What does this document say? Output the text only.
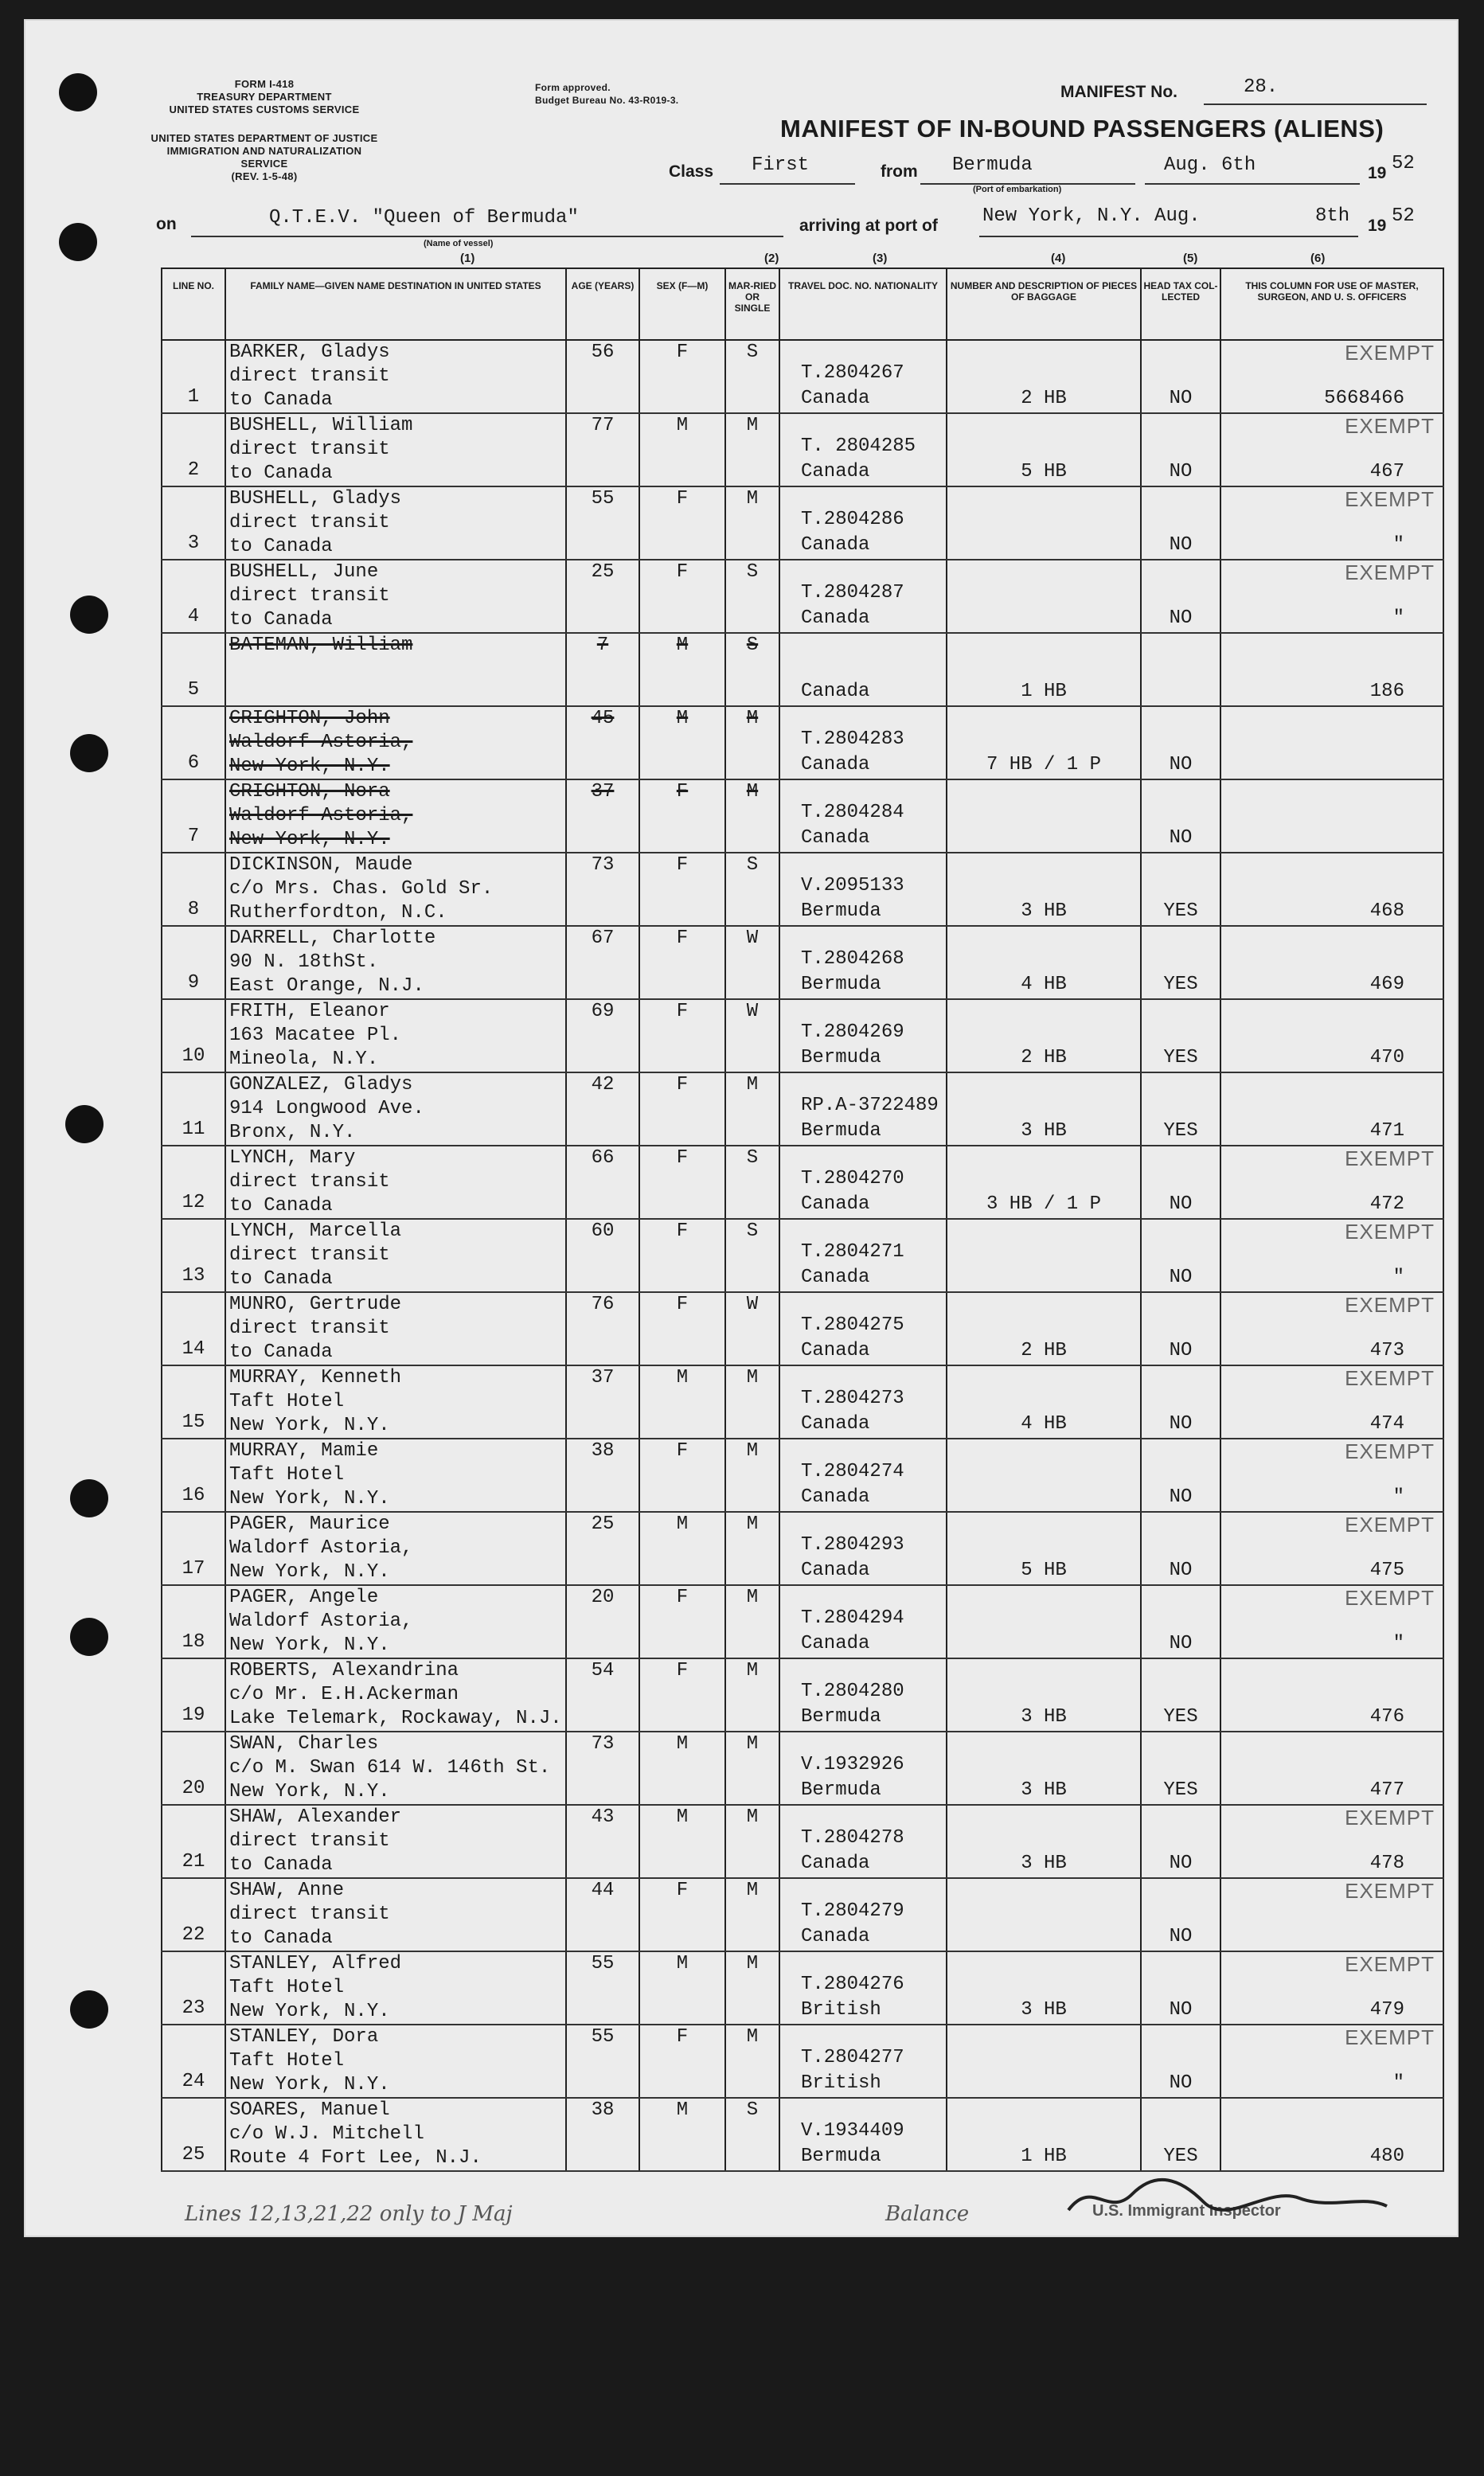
FORM I-418
TREASURY DEPARTMENT
UNITED STATES CUSTOMS SERVICE
UNITED STATES DEPARTMENT OF JUSTICE
IMMIGRATION AND NATURALIZATION SERVICE
(REV. 1-5-48)
Form approved.
Budget Bureau No. 43-R019-3.	MANIFEST No.	28.
MANIFEST OF IN-BOUND PASSENGERS (ALIENS)
Class First	from Bermuda
(Port of embarkation)
Aug. 6th	19 52
on	Q.T.E.V. "Queen of Bermuda"
(Name of vessel)
arriving at port of New York, N.Y. Aug.	8th 19 52
(1)	(2)	(3)	(4)	(5)	(6)
LINE NO.	FAMILY NAME—GIVEN NAME DESTINATION IN UNITED STATES	AGE (YEARS)	SEX (F—M)	MAR-RIED OR SINGLE	TRAVEL DOC. NO. NATIONALITY	NUMBER AND DESCRIPTION OF PIECES OF BAGGAGE	HEAD TAX COL-LECTED	THIS COLUMN FOR USE OF MASTER, SURGEON, AND U. S. OFFICERS

1	BARKER, Gladys
direct transit
to Canada	56	F	S	T.2804267
Canada	2 HB	NO	EXEMPT
5668466

2	BUSHELL, William
direct transit
to Canada	77	M	M	T. 2804285
Canada	5 HB	NO	EXEMPT
467

3	BUSHELL, Gladys
direct transit
to Canada	55	F	M	T.2804286
Canada		NO	EXEMPT
"

4	BUSHELL, June
direct transit
to Canada	25	F	S	T.2804287
Canada		NO	EXEMPT
"

5	BATEMAN, William	7	M	S	Canada	1 HB		186

6	CRIGHTON, John
Waldorf Astoria,
New York, N.Y.	45	M	M	T.2804283
Canada	7 HB / 1 P	NO	

7	CRIGHTON, Nora
Waldorf Astoria,
New York, N.Y.	37	F	M	T.2804284
Canada		NO	

8	DICKINSON, Maude
c/o Mrs. Chas. Gold Sr.
Rutherfordton, N.C.	73	F	S	V.2095133
Bermuda	3 HB	YES	468

9	DARRELL, Charlotte
90 N. 18thSt.
East Orange, N.J.	67	F	W	T.2804268
Bermuda	4 HB	YES	469

10	FRITH, Eleanor
163 Macatee Pl.
Mineola, N.Y.	69	F	W	T.2804269
Bermuda	2 HB	YES	470

11	GONZALEZ, Gladys
914 Longwood Ave.
Bronx, N.Y.	42	F	M	RP.A-3722489
Bermuda	3 HB	YES	471

12	LYNCH, Mary
direct transit
to Canada	66	F	S	T.2804270
Canada	3 HB / 1 P	NO	EXEMPT
472

13	LYNCH, Marcella
direct transit
to Canada	60	F	S	T.2804271
Canada		NO	EXEMPT
"

14	MUNRO, Gertrude
direct transit
to Canada	76	F	W	T.2804275
Canada	2 HB	NO	EXEMPT
473

15	MURRAY, Kenneth
Taft Hotel
New York, N.Y.	37	M	M	T.2804273
Canada	4 HB	NO	EXEMPT
474

16	MURRAY, Mamie
Taft Hotel
New York, N.Y.	38	F	M	T.2804274
Canada		NO	EXEMPT
"

17	PAGER, Maurice
Waldorf Astoria,
New York, N.Y.	25	M	M	T.2804293
Canada	5 HB	NO	EXEMPT
475

18	PAGER, Angele
Waldorf Astoria,
New York, N.Y.	20	F	M	T.2804294
Canada		NO	EXEMPT
"

19	ROBERTS, Alexandrina
c/o Mr. E.H.Ackerman
Lake Telemark, Rockaway, N.J.	54	F	M	T.2804280
Bermuda	3 HB	YES	476

20	SWAN, Charles
c/o M. Swan 614 W. 146th St.
New York, N.Y.	73	M	M	V.1932926
Bermuda	3 HB	YES	477

21	SHAW, Alexander
direct transit
to Canada	43	M	M	T.2804278
Canada	3 HB	NO	EXEMPT
478

22	SHAW, Anne
direct transit
to Canada	44	F	M	T.2804279
Canada		NO	EXEMPT

23	STANLEY, Alfred
Taft Hotel
New York, N.Y.	55	M	M	T.2804276
British	3 HB	NO	EXEMPT
479

24	STANLEY, Dora
Taft Hotel
New York, N.Y.	55	F	M	T.2804277
British		NO	EXEMPT
"

25	SOARES, Manuel
c/o W.J. Mitchell
Route 4 Fort Lee, N.J.	38	M	S	V.1934409
Bermuda	1 HB	YES	480
Lines 12,13,21,22 only to J Maj	Balance	U.S. Immigrant Inspector
